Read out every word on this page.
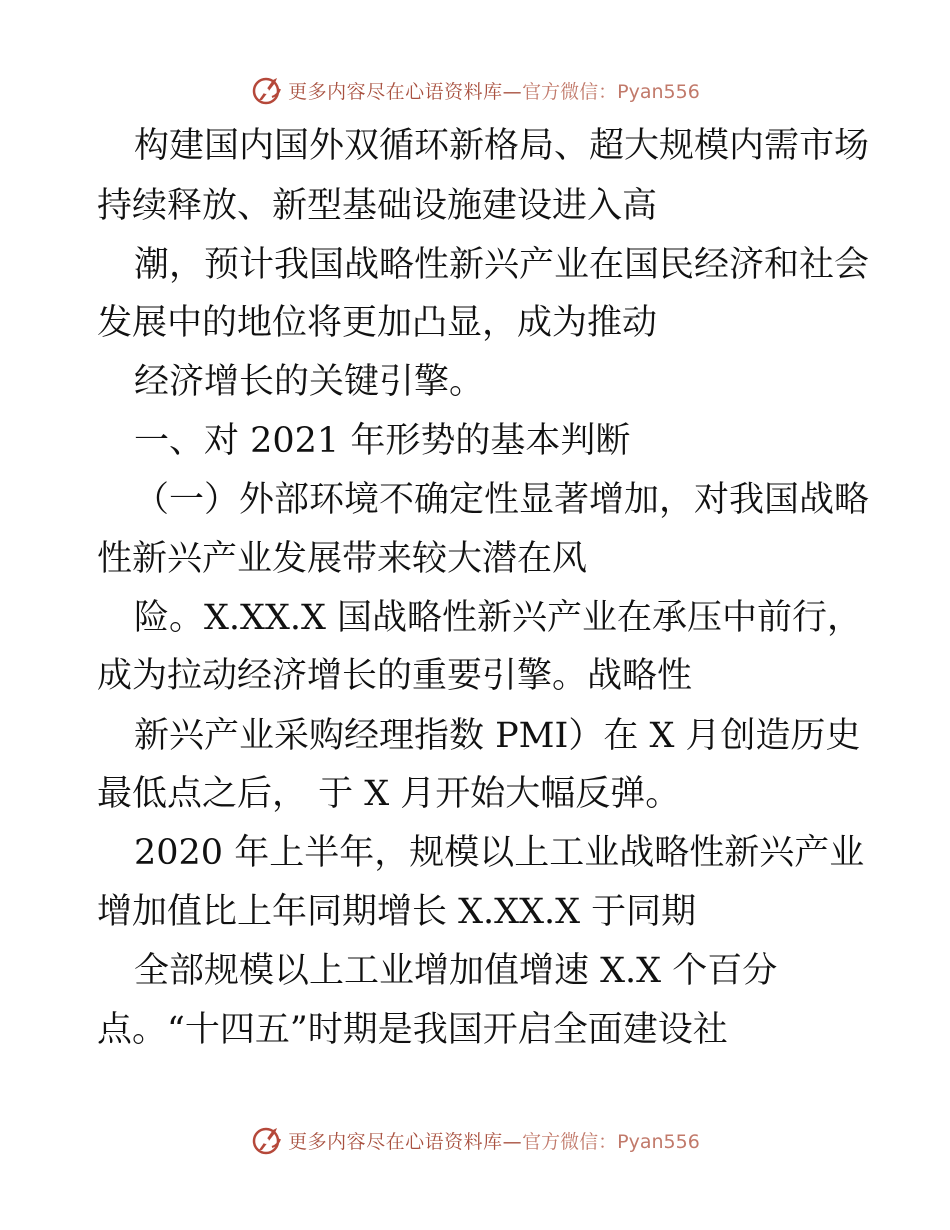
更多内容尽在心语资料库— 官方微信：Pyan556
构建国内国外双循环新格局、超大规模内需市场
持续释放、新型基础设施建设进入高
潮，预计我国战略性新兴产业在国民经济和社会
发展中的地位将更加凸显，成为推动
经济增长的关键引擎。
一、对 2021 年形势的基本判断
（一）外部环境不确定性显著增加，对我国战略
性新兴产业发展带来较大潜在风
险。X.XX.X 国战略性新兴产业在承压中前行，
成为拉动经济增长的重要引擎。战略性
新兴产业采购经理指数 PMI）在 X 月创造历史
最低点之后， 于 X 月开始大幅反弹。
2020 年上半年，规模以上工业战略性新兴产业
增加值比上年同期增长 X.XX.X 于同期
全部规模以上工业增加值增速 X.X 个百分
点。“十四五”时期是我国开启全面建设社
更多内容尽在心语资料库— 官方微信：Pyan556
